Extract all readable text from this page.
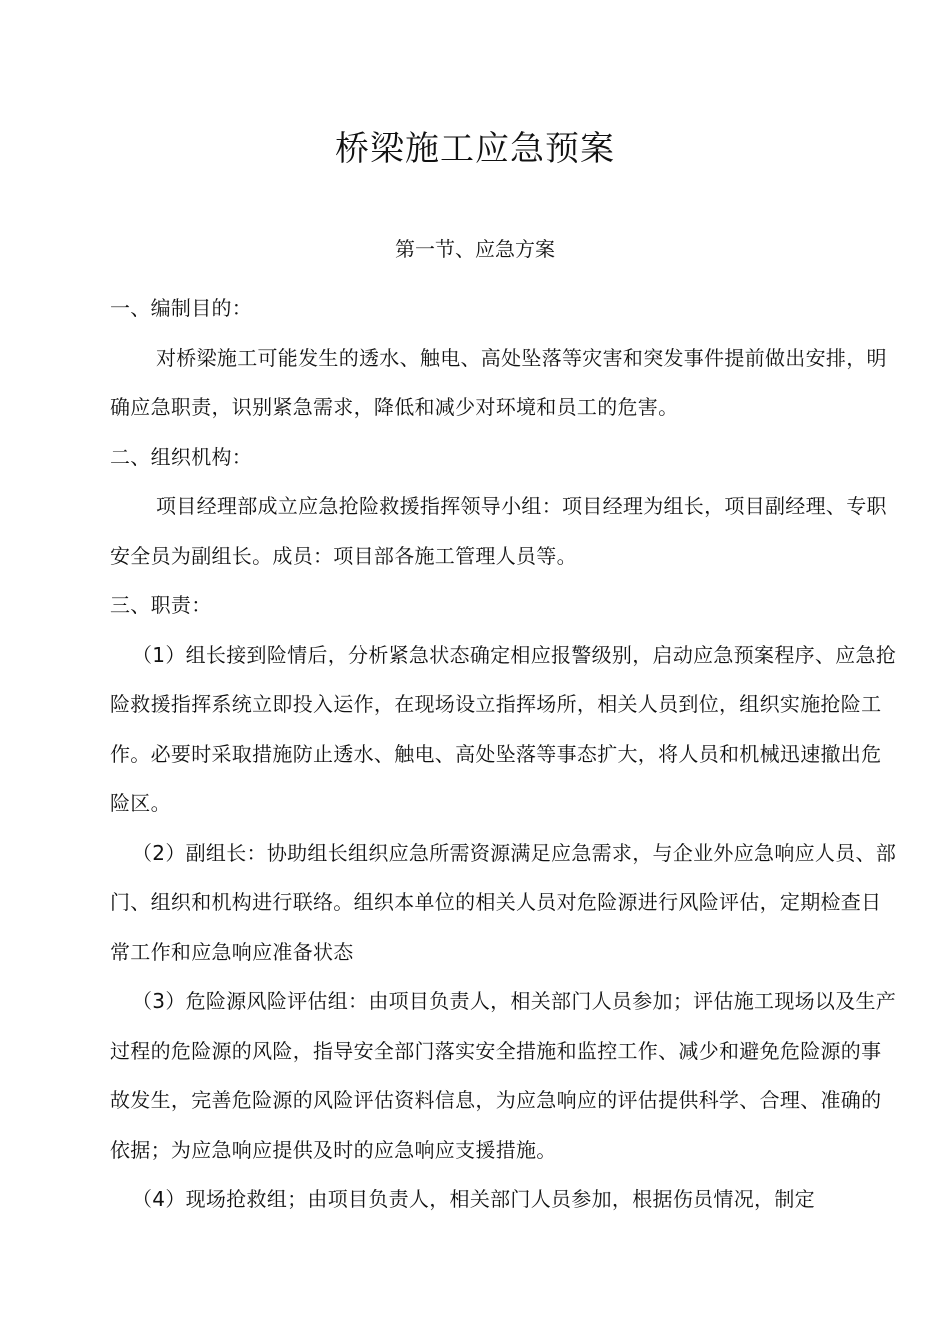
桥梁施工应急预案
第一节、应急方案

一、编制目的：

对桥梁施工可能发生的透水、触电、高处坠落等灾害和突发事件提前做出安排，明确应急职责，识别紧急需求，降低和减少对环境和员工的危害。

二、组织机构：

项目经理部成立应急抢险救援指挥领导小组：项目经理为组长，项目副经理、专职安全员为副组长。成员：项目部各施工管理人员等。

三、职责：

（1）组长接到险情后，分析紧急状态确定相应报警级别，启动应急预案程序、应急抢险救援指挥系统立即投入运作，在现场设立指挥场所，相关人员到位，组织实施抢险工作。必要时采取措施防止透水、触电、高处坠落等事态扩大，将人员和机械迅速撤出危险区。

（2）副组长：协助组长组织应急所需资源满足应急需求，与企业外应急响应人员、部门、组织和机构进行联络。组织本单位的相关人员对危险源进行风险评估，定期检查日常工作和应急响应准备状态

（3）危险源风险评估组：由项目负责人，相关部门人员参加；评估施工现场以及生产过程的危险源的风险，指导安全部门落实安全措施和监控工作、减少和避免危险源的事故发生，完善危险源的风险评估资料信息，为应急响应的评估提供科学、合理、准确的依据；为应急响应提供及时的应急响应支援措施。

（4）现场抢救组；由项目负责人，相关部门人员参加，根据伤员情况，制定
